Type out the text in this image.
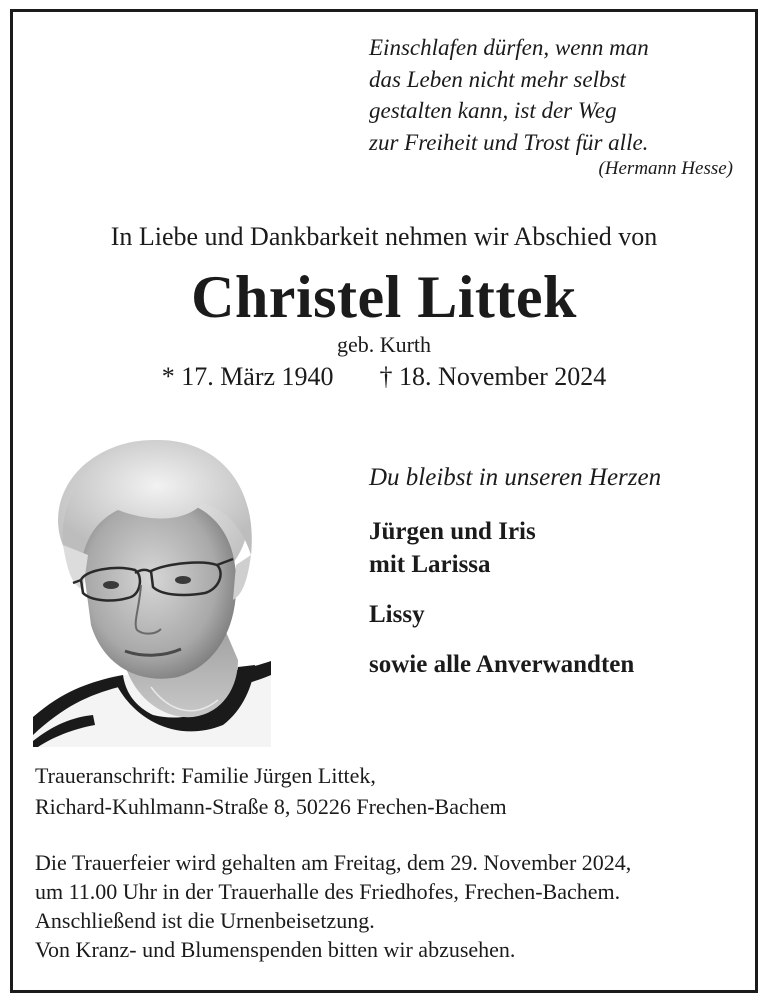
Einschlafen dürfen, wenn man
das Leben nicht mehr selbst
gestalten kann, ist der Weg
zur Freiheit und Trost für alle.
(Hermann Hesse)
In Liebe und Dankbarkeit nehmen wir Abschied von
Christel Littek
geb. Kurth
* 17. März 1940 † 18. November 2024
Du bleibst in unseren Herzen
Jürgen und Iris
mit Larissa
Lissy
sowie alle Anverwandten
Traueranschrift: Familie Jürgen Littek,
Richard-Kuhlmann-Straße 8, 50226 Frechen-Bachem
Die Trauerfeier wird gehalten am Freitag, dem 29. November 2024,
um 11.00 Uhr in der Trauerhalle des Friedhofes, Frechen-Bachem.
Anschließend ist die Urnenbeisetzung.
Von Kranz- und Blumenspenden bitten wir abzusehen.
